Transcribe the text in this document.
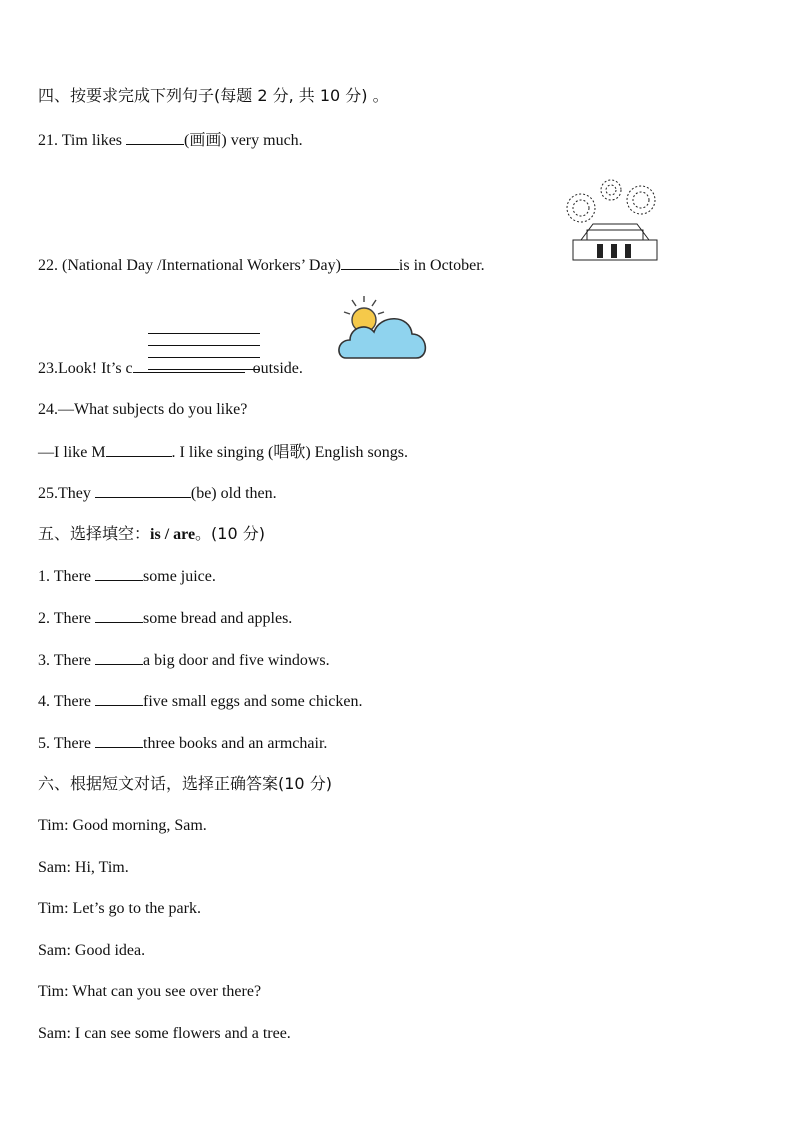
四、按要求完成下列句子(每题 2 分, 共 10 分) 。
21. Tim likes	(画画) very much.
22. (National Day /International Workers’ Day)	is in October.
23.Look! It’s c	outside.
24.—What subjects do you like?
—I like M	. I like singing (唱歌) English songs.
25.They	(be) old then.
五、选择填空：is / are。(10 分)
1. There	some juice.
2. There	some bread and apples.
3. There	a big door and five windows.
4. There	five small eggs and some chicken.
5. There	three books and an armchair.
六、根据短文对话，选择正确答案(10 分)
Tim: Good morning, Sam.
Sam: Hi, Tim.
Tim: Let’s go to the park.
Sam: Good idea.
Tim: What can you see over there?
Sam: I can see some flowers and a tree.
